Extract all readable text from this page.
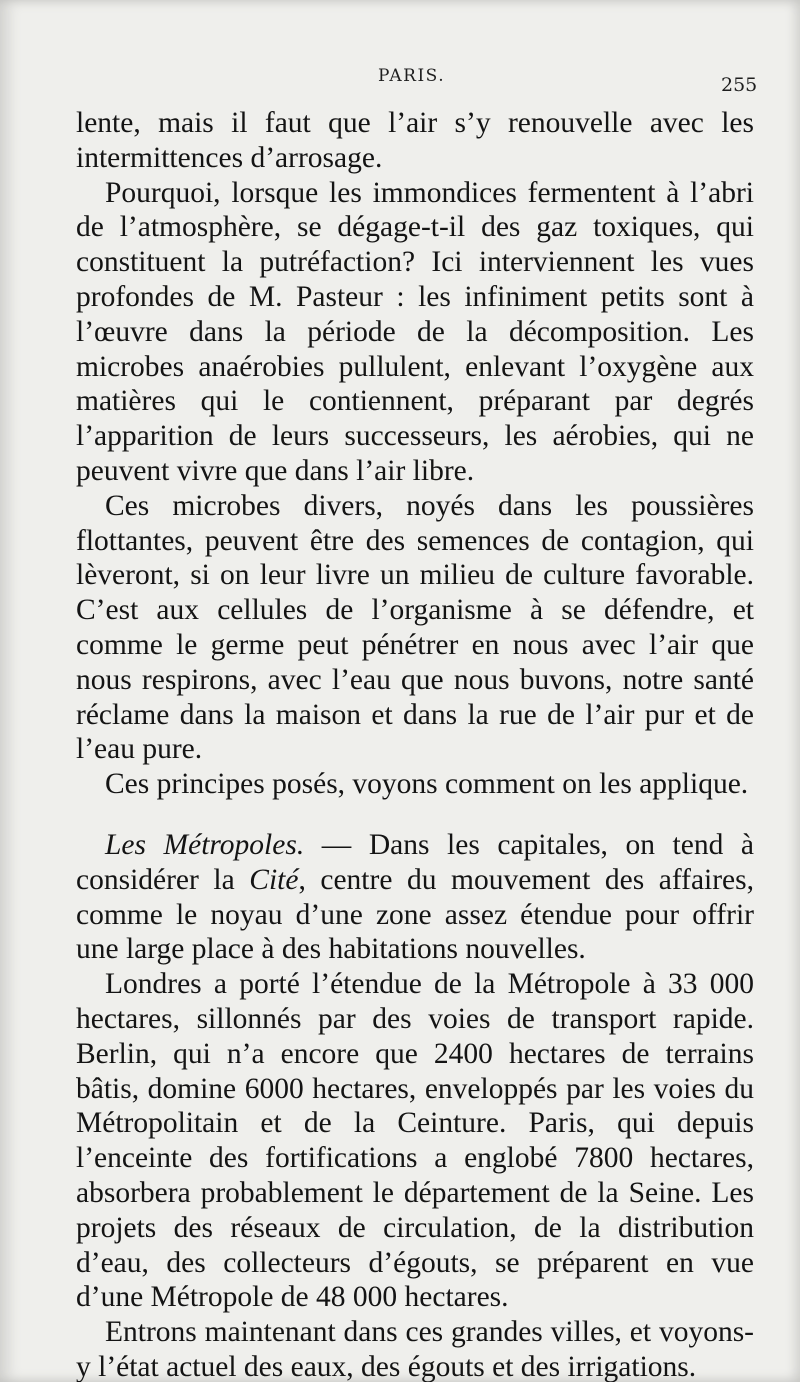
PARIS.	255

lente, mais il faut que l’air s’y renouvelle avec les intermittences d’arrosage.

Pourquoi, lorsque les immondices fermentent à l’abri de l’atmosphère, se dégage-t-il des gaz toxiques, qui constituent la putréfaction? Ici interviennent les vues profondes de M. Pasteur : les infiniment petits sont à l’œuvre dans la période de la décomposition. Les microbes anaérobies pullulent, enlevant l’oxygène aux matières qui le contiennent, préparant par degrés l’apparition de leurs successeurs, les aérobies, qui ne peuvent vivre que dans l’air libre.

Ces microbes divers, noyés dans les poussières flottantes, peuvent être des semences de contagion, qui lèveront, si on leur livre un milieu de culture favorable. C’est aux cellules de l’organisme à se défendre, et comme le germe peut pénétrer en nous avec l’air que nous respirons, avec l’eau que nous buvons, notre santé réclame dans la maison et dans la rue de l’air pur et de l’eau pure.

Ces principes posés, voyons comment on les applique.

Les Métropoles. — Dans les capitales, on tend à considérer la Cité, centre du mouvement des affaires, comme le noyau d’une zone assez étendue pour offrir une large place à des habitations nouvelles.

Londres a porté l’étendue de la Métropole à 33 000 hectares, sillonnés par des voies de transport rapide. Berlin, qui n’a encore que 2400 hectares de terrains bâtis, domine 6000 hectares, enveloppés par les voies du Métropolitain et de la Ceinture. Paris, qui depuis l’enceinte des fortifications a englobé 7800 hectares, absorbera probablement le département de la Seine. Les projets des réseaux de circulation, de la distribution d’eau, des collecteurs d’égouts, se préparent en vue d’une Métropole de 48 000 hectares.

Entrons maintenant dans ces grandes villes, et voyons-y l’état actuel des eaux, des égouts et des irrigations.
